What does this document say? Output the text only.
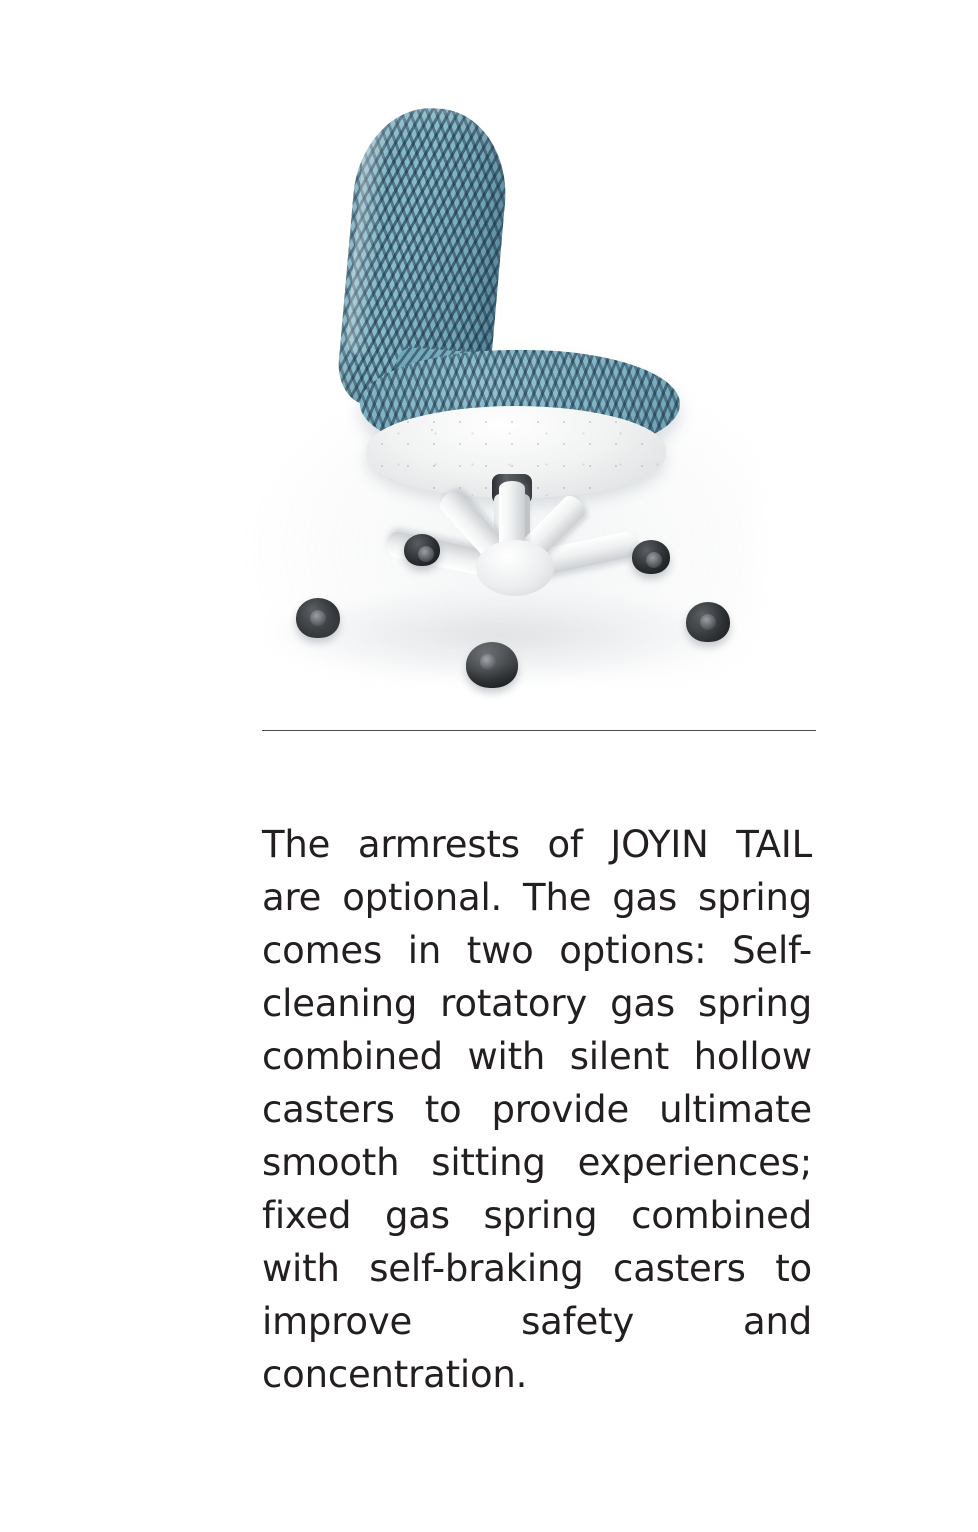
The armrests of JOYIN TAIL are optional. The gas spring comes in two options: Self-cleaning rotatory gas spring combined with silent hollow casters to provide ultimate smooth sitting experiences; fixed gas spring combined with self-braking casters to improve safety and concentration.
